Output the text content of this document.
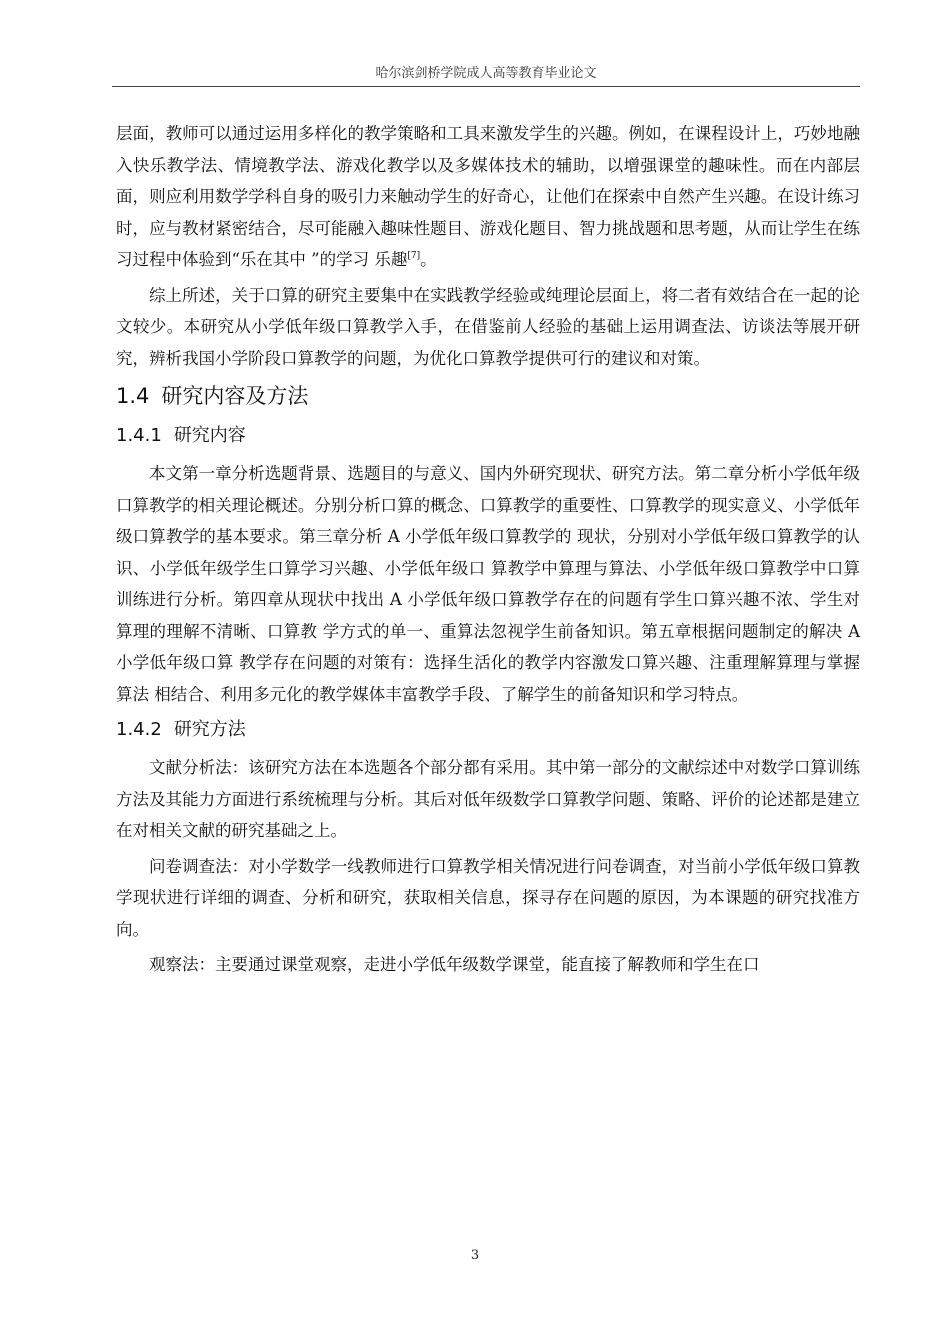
哈尔滨剑桥学院成人高等教育毕业论文

层面，教师可以通过运用多样化的教学策略和工具来激发学生的兴趣。例如，在课程设计上，巧妙地融入快乐教学法、情境教学法、游戏化教学以及多媒体技术的辅助，以增强课堂的趣味性。而在内部层面，则应利用数学学科自身的吸引力来触动学生的好奇心，让他们在探索中自然产生兴趣。在设计练习时，应与教材紧密结合，尽可能融入趣味性题目、游戏化题目、智力挑战题和思考题，从而让学生在练习过程中体验到“乐在其中 ”的学习 乐趣[7]。

综上所述，关于口算的研究主要集中在实践教学经验或纯理论层面上，将二者有效结合在一起的论文较少。本研究从小学低年级口算教学入手，在借鉴前人经验的基础上运用调查法、访谈法等展开研究，辨析我国小学阶段口算教学的问题，为优化口算教学提供可行的建议和对策。

1.4 研究内容及方法
1.4.1 研究内容

本文第一章分析选题背景、选题目的与意义、国内外研究现状、研究方法。第二章分析小学低年级口算教学的相关理论概述。分别分析口算的概念、口算教学的重要性、口算教学的现实意义、小学低年级口算教学的基本要求。第三章分析 A 小学低年级口算教学的 现状，分别对小学低年级口算教学的认识、小学低年级学生口算学习兴趣、小学低年级口 算教学中算理与算法、小学低年级口算教学中口算训练进行分析。第四章从现状中找出 A 小学低年级口算教学存在的问题有学生口算兴趣不浓、学生对算理的理解不清晰、口算教 学方式的单一、重算法忽视学生前备知识。第五章根据问题制定的解决 A 小学低年级口算 教学存在问题的对策有：选择生活化的教学内容激发口算兴趣、注重理解算理与掌握算法 相结合、利用多元化的教学媒体丰富教学手段、了解学生的前备知识和学习特点。

1.4.2 研究方法

文献分析法：该研究方法在本选题各个部分都有采用。其中第一部分的文献综述中对数学口算训练方法及其能力方面进行系统梳理与分析。其后对低年级数学口算教学问题、策略、评价的论述都是建立在对相关文献的研究基础之上。

问卷调查法：对小学数学一线教师进行口算教学相关情况进行问卷调查，对当前小学低年级口算教学现状进行详细的调查、分析和研究，获取相关信息，探寻存在问题的原因，为本课题的研究找准方向。

观察法：主要通过课堂观察，走进小学低年级数学课堂，能直接了解教师和学生在口

3
